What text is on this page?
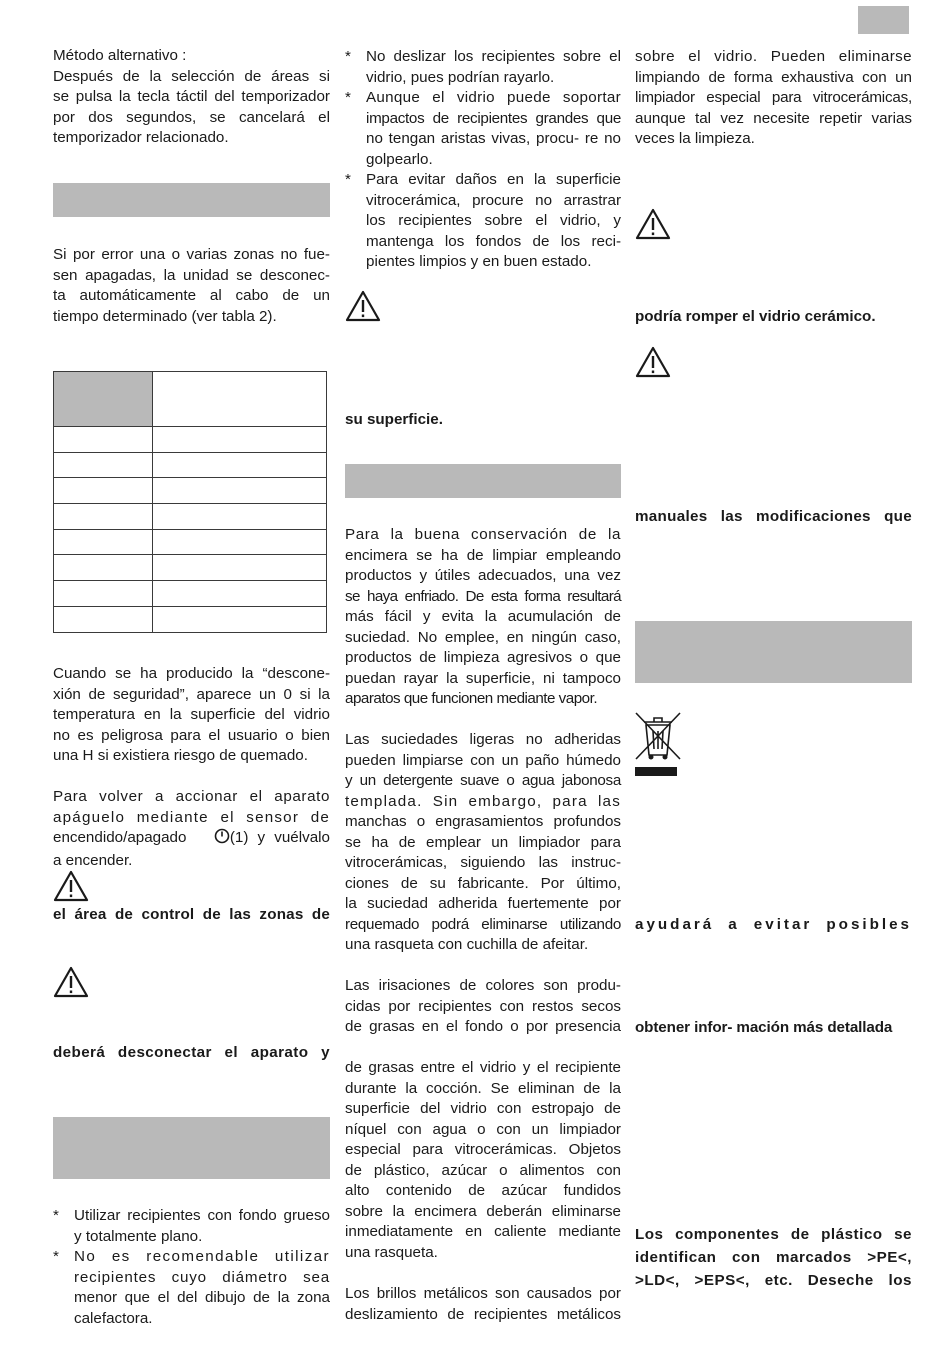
Método alternativo :
Después de la selección de áreas si
se pulsa la tecla táctil del temporizador
por dos segundos, se cancelará el
temporizador relacionado.
Si por error una o varias zonas no fue-
sen apagadas, la unidad se desconec-
ta automáticamente al cabo de un
tiempo determinado (ver tabla 2).

Cuando se ha producido la “descone-
xión de seguridad”, aparece un 0 si la
temperatura en la superficie del vidrio
no es peligrosa para el usuario o bien
una H si existiera riesgo de quemado.
Para volver a accionar el aparato
apáguelo mediante el sensor de
encendido/apagado	(1) y vuélvalo
a encender.
el área de control de las zonas de
deberá desconectar el aparato y
* Utilizar recipientes con fondo grueso
y totalmente plano.
* No es recomendable utilizar
recipientes cuyo diámetro sea
menor que el del dibujo de la zona
calefactora.
* No deslizar los recipientes sobre el
vidrio, pues podrían rayarlo.
* Aunque el vidrio puede soportar
impactos de recipientes grandes que
no tengan aristas vivas, procu- re no
golpearlo.
* Para evitar daños en la superficie
vitrocerámica, procure no arrastrar
los recipientes sobre el vidrio, y
mantenga los fondos de los reci-
pientes limpios y en buen estado.
su superficie.
Para la buena conservación de la
encimera se ha de limpiar empleando
productos y útiles adecuados, una vez
se haya enfriado. De esta forma resultará
más fácil y evita la acumulación de
suciedad. No emplee, en ningún caso,
productos de limpieza agresivos o que
puedan rayar la superficie, ni tampoco
aparatos que funcionen mediante vapor.
Las suciedades ligeras no adheridas
pueden limpiarse con un paño húmedo
y un detergente suave o agua jabonosa
templada. Sin embargo, para las
manchas o engrasamientos profundos
se ha de emplear un limpiador para
vitrocerámicas, siguiendo las instruc-
ciones de su fabricante. Por último,
la suciedad adherida fuertemente por
requemado podrá eliminarse utilizando
una rasqueta con cuchilla de afeitar.
Las irisaciones de colores son produ-
cidas por recipientes con restos secos
de grasas en el fondo o por presencia
de grasas entre el vidrio y el recipiente
durante la cocción. Se eliminan de la
superficie del vidrio con estropajo de
níquel con agua o con un limpiador
especial para vitrocerámicas. Objetos
de plástico, azúcar o alimentos con
alto contenido de azúcar fundidos
sobre la encimera deberán eliminarse
inmediatamente en caliente mediante
una rasqueta.
Los brillos metálicos son causados por
deslizamiento de recipientes metálicos
sobre el vidrio. Pueden eliminarse
limpiando de forma exhaustiva con un
limpiador especial para vitrocerámicas,
aunque tal vez necesite repetir varias
veces la limpieza.
podría romper el vidrio cerámico.
manuales las modificaciones que
ayudará a evitar posibles
obtener infor- mación más detallada
Los componentes de plástico se
identifican con marcados >PE<,
>LD<, >EPS<, etc. Deseche los
